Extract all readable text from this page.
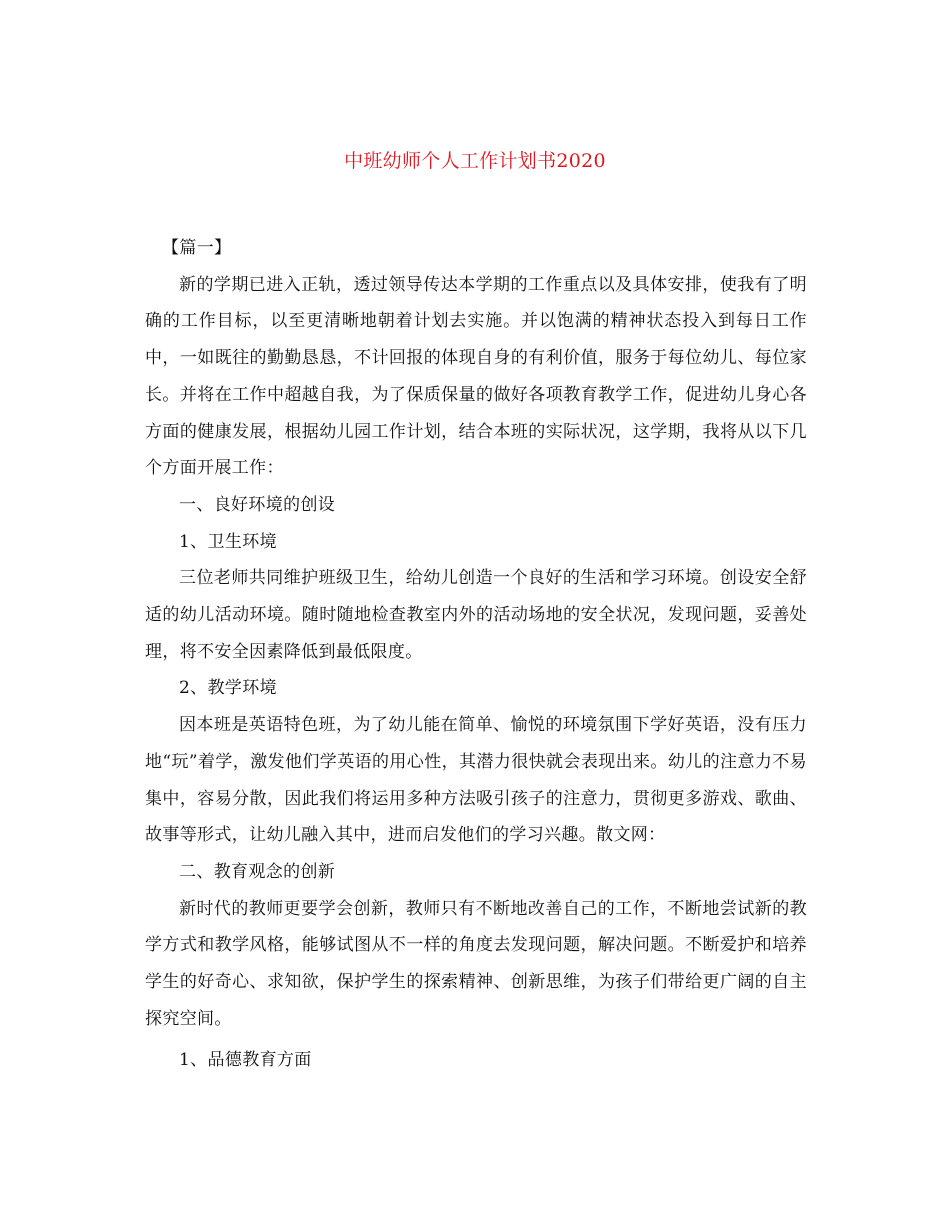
中班幼师个人工作计划书2020

【篇一】

新的学期已进入正轨，透过领导传达本学期的工作重点以及具体安排，使我有了明确的工作目标，以至更清晰地朝着计划去实施。并以饱满的精神状态投入到每日工作中，一如既往的勤勤恳恳，不计回报的体现自身的有利价值，服务于每位幼儿、每位家长。并将在工作中超越自我，为了保质保量的做好各项教育教学工作，促进幼儿身心各方面的健康发展，根据幼儿园工作计划，结合本班的实际状况，这学期，我将从以下几个方面开展工作：

一、良好环境的创设

1、卫生环境

三位老师共同维护班级卫生，给幼儿创造一个良好的生活和学习环境。创设安全舒适的幼儿活动环境。随时随地检查教室内外的活动场地的安全状况，发现问题，妥善处理，将不安全因素降低到最低限度。

2、教学环境

因本班是英语特色班，为了幼儿能在简单、愉悦的环境氛围下学好英语，没有压力地“玩”着学，激发他们学英语的用心性，其潜力很快就会表现出来。幼儿的注意力不易集中，容易分散，因此我们将运用多种方法吸引孩子的注意力，贯彻更多游戏、歌曲、故事等形式，让幼儿融入其中，进而启发他们的学习兴趣。散文网：

二、教育观念的创新

新时代的教师更要学会创新，教师只有不断地改善自己的工作，不断地尝试新的教学方式和教学风格，能够试图从不一样的角度去发现问题，解决问题。不断爱护和培养学生的好奇心、求知欲，保护学生的探索精神、创新思维，为孩子们带给更广阔的自主探究空间。

1、品德教育方面
